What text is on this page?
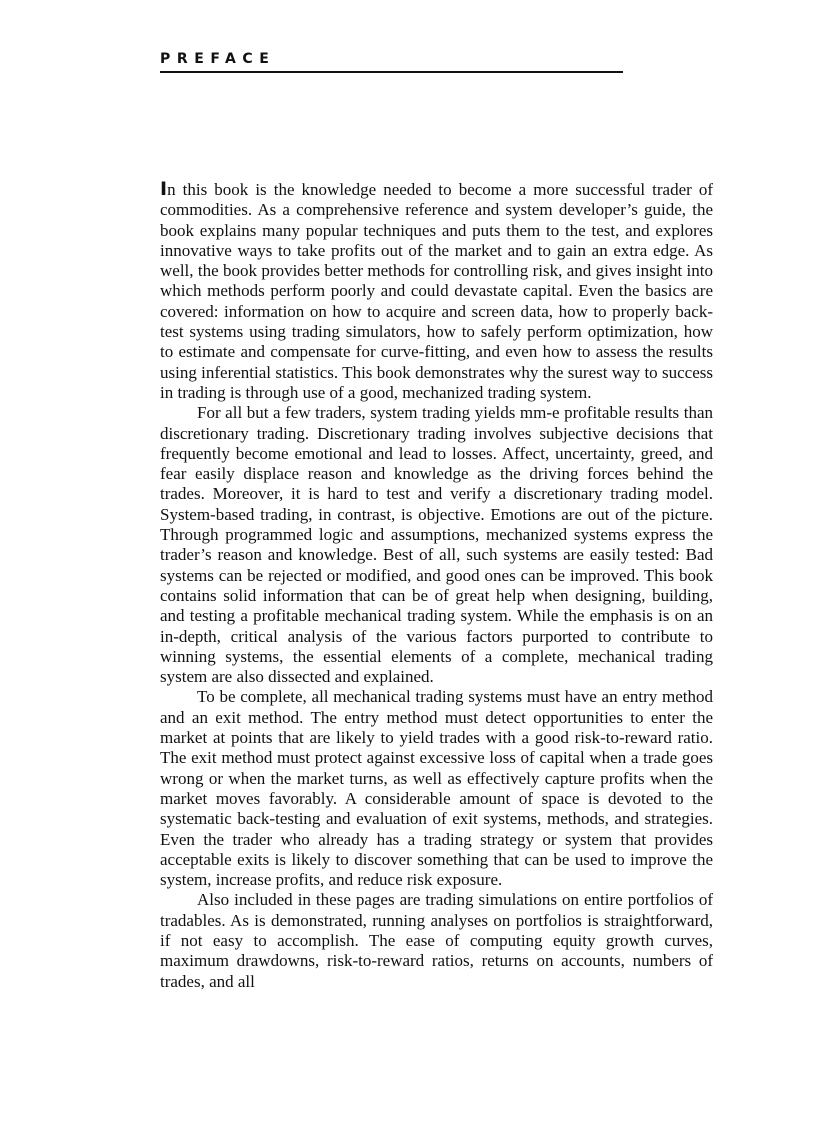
PREFACE

In this book is the knowledge needed to become a more successful trader of commodities. As a comprehensive reference and system developer’s guide, the book explains many popular techniques and puts them to the test, and explores innovative ways to take profits out of the market and to gain an extra edge. As well, the book provides better methods for controlling risk, and gives insight into which methods perform poorly and could devastate capital. Even the basics are covered: information on how to acquire and screen data, how to properly back-test systems using trading simulators, how to safely perform optimization, how to estimate and compensate for curve-fitting, and even how to assess the results using inferential statistics. This book demonstrates why the surest way to success in trading is through use of a good, mechanized trading system.

For all but a few traders, system trading yields mm-e profitable results than discretionary trading. Discretionary trading involves subjective decisions that frequently become emotional and lead to losses. Affect, uncertainty, greed, and fear easily displace reason and knowledge as the driving forces behind the trades. Moreover, it is hard to test and verify a discretionary trading model. System-based trading, in contrast, is objective. Emotions are out of the picture. Through programmed logic and assumptions, mechanized systems express the trader’s reason and knowledge. Best of all, such systems are easily tested: Bad systems can be rejected or modified, and good ones can be improved. This book contains solid information that can be of great help when designing, building, and testing a profitable mechanical trading system. While the emphasis is on an in-depth, critical analysis of the various factors purported to contribute to winning systems, the essential elements of a complete, mechanical trading system are also dissected and explained.

To be complete, all mechanical trading systems must have an entry method and an exit method. The entry method must detect opportunities to enter the market at points that are likely to yield trades with a good risk-to-reward ratio. The exit method must protect against excessive loss of capital when a trade goes wrong or when the market turns, as well as effectively capture profits when the market moves favorably. A considerable amount of space is devoted to the systematic back-testing and evaluation of exit systems, methods, and strategies. Even the trader who already has a trading strategy or system that provides acceptable exits is likely to discover something that can be used to improve the system, increase profits, and reduce risk exposure.

Also included in these pages are trading simulations on entire portfolios of tradables. As is demonstrated, running analyses on portfolios is straightforward, if not easy to accomplish. The ease of computing equity growth curves, maximum drawdowns, risk-to-reward ratios, returns on accounts, numbers of trades, and all
